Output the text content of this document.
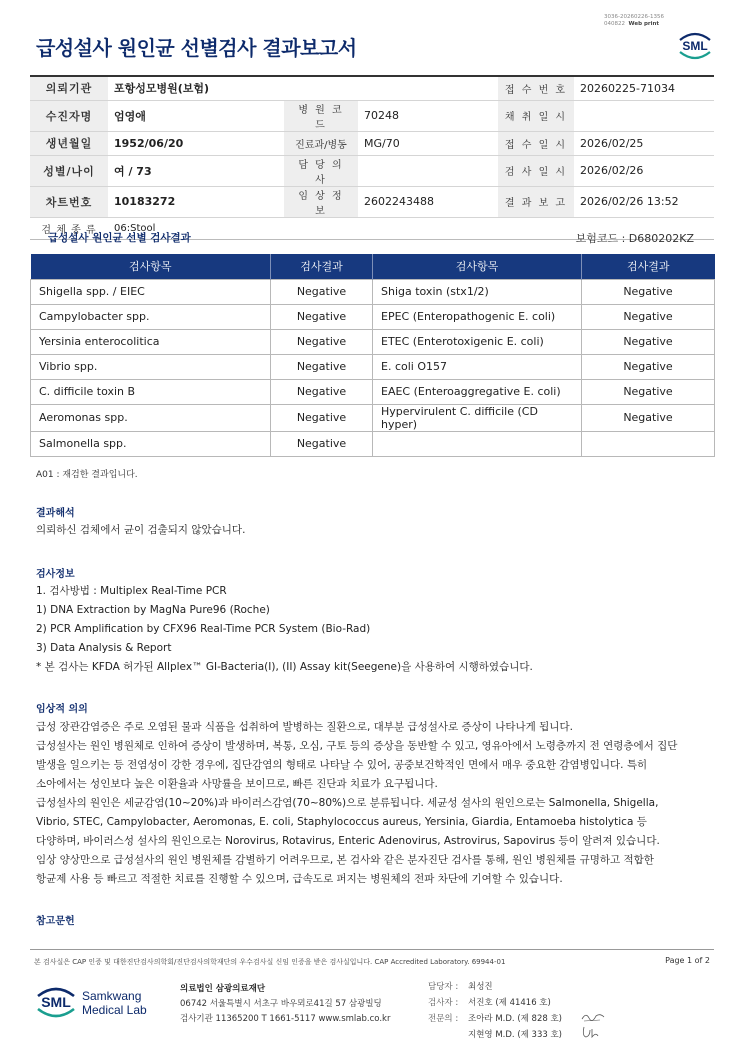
3036-20260226-1356
040822 Web print
급성설사 원인균 선별검사 결과보고서	SML
의뢰기관	포항성모병원(보험)			접 수 번 호	20260225-71034
수진자명	엄영애	병 원 코 드	70248	채 취 일 시	
생년월일	1952/06/20	진료과/병동	MG/70	접 수 일 시	2026/02/25
성별/나이	여 / 73	담 당 의 사		검 사 일 시	2026/02/26
차트번호	10183272	임 상 정 보	2602243488	결 과 보 고	2026/02/26 13:52
검 체 종 류	06:Stool				
급성설사 원인균 선별 검사결과	보험코드 : D680202KZ
검사항목	검사결과	검사항목	검사결과
Shigella spp. / EIEC	Negative	Shiga toxin (stx1/2)	Negative
Campylobacter spp.	Negative	EPEC (Enteropathogenic E. coli)	Negative
Yersinia enterocolitica	Negative	ETEC (Enterotoxigenic E. coli)	Negative
Vibrio spp.	Negative	E. coli O157	Negative
C. difficile toxin B	Negative	EAEC (Enteroaggregative E. coli)	Negative
Aeromonas spp.	Negative	Hypervirulent C. difficile (CD hyper)	Negative
Salmonella spp.	Negative		
A01 : 재검한 결과입니다.
결과해석
의뢰하신 검체에서 균이 검출되지 않았습니다.
검사정보
1. 검사방법 : Multiplex Real-Time PCR
1) DNA Extraction by MagNa Pure96 (Roche)
2) PCR Amplification by CFX96 Real-Time PCR System (Bio-Rad)
3) Data Analysis & Report
* 본 검사는 KFDA 허가된 Allplex™ GI-Bacteria(I), (II) Assay kit(Seegene)을 사용하여 시행하였습니다.
임상적 의의
급성 장관감염증은 주로 오염된 물과 식품을 섭취하여 발병하는 질환으로, 대부분 급성설사로 증상이 나타나게 됩니다.
급성설사는 원인 병원체로 인하여 증상이 발생하며, 복통, 오심, 구토 등의 증상을 동반할 수 있고, 영유아에서 노령층까지 전 연령층에서 집단
발생을 일으키는 등 전염성이 강한 경우에, 집단감염의 형태로 나타날 수 있어, 공중보건학적인 면에서 매우 중요한 감염병입니다. 특히
소아에서는 성인보다 높은 이환율과 사망률을 보이므로, 빠른 진단과 치료가 요구됩니다.
급성설사의 원인은 세균감염(10~20%)과 바이러스감염(70~80%)으로 분류됩니다. 세균성 설사의 원인으로는 Salmonella, Shigella,
Vibrio, STEC, Campylobacter, Aeromonas, E. coli, Staphylococcus aureus, Yersinia, Giardia, Entamoeba histolytica 등
다양하며, 바이러스성 설사의 원인으로는 Norovirus, Rotavirus, Enteric Adenovirus, Astrovirus, Sapovirus 등이 알려져 있습니다.
임상 양상만으로 급성설사의 원인 병원체를 감별하기 어려우므로, 본 검사와 같은 분자진단 검사를 통해, 원인 병원체를 규명하고 적합한
항균제 사용 등 빠르고 적절한 치료를 진행할 수 있으며, 급속도로 퍼지는 병원체의 전파 차단에 기여할 수 있습니다.
참고문헌
본 검사실은 CAP 인증 및 대한진단검사의학회/진단검사의학재단의 우수검사실 신임 인증을 받은 검사실입니다. CAP Accredited Laboratory. 69944-01	Page 1 of 2
SML Samkwang
Medical Lab
의료법인 삼광의료재단
06742 서울특별시 서초구 바우뫼로41길 57 삼광빌딩
검사기관 11365200 T 1661-5117 www.smlab.co.kr
담당자 :	최성진
검사자 :	서진호 (제 41416 호)
전문의 :	조아라 M.D. (제 828 호)
지현영 M.D. (제 333 호)
